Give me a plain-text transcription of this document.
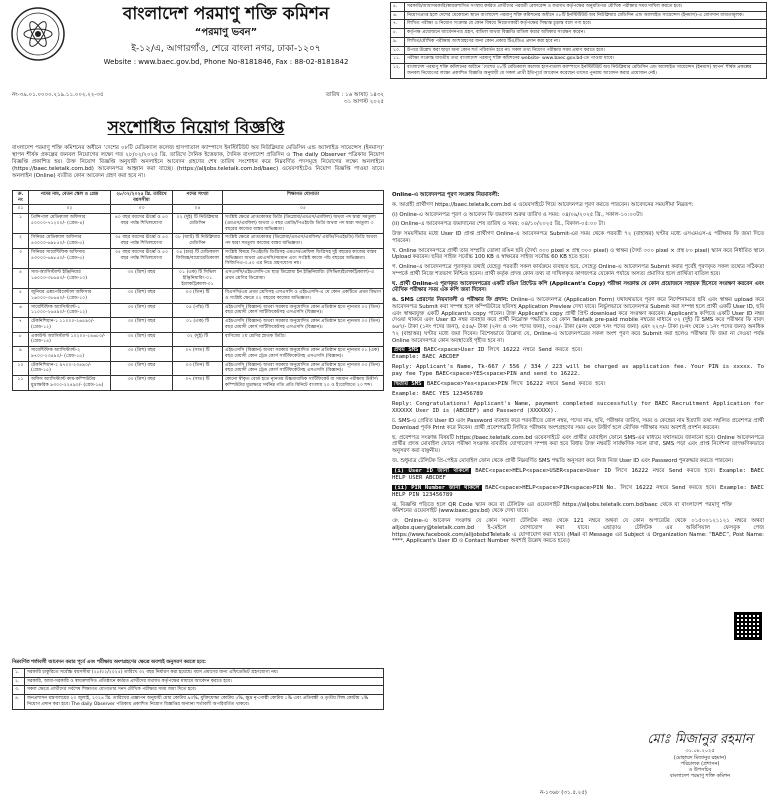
বাংলাদেশ পরমাণু শক্তি কমিশন
“পরমাণু ভবন”
ই-১২/এ, আগারগাঁও, শেরে বাংলা নগর, ঢাকা-১২০৭
Website : www.baec.gov.bd, Phone No-8181846, Fax : 88-02-8181842
নং-৩৯.০১.০০০০.২১৯.১১.০০২.২২-৩৫	তারিখ : ১৬ আষাঢ় ১৪৩২
৩১ আগস্ট ২০২৫
সংশোধিত নিয়োগ বিজ্ঞপ্তি
বাংলাদেশ পরমাণু শক্তি কমিশনের অধীনে ‘দেশের ০৮টি মেডিক্যাল কলেজ হাসপাতাল ক্যাম্পাসে ইনস্টিটিউট অব নিউক্লিয়ার মেডিসিন এন্ড অ্যালাইড সায়েন্সেস (ইনমাস)’ স্থাপন শীর্ষক প্রকল্পের জনবল নিয়োগের লক্ষ্যে গত ২৮/০২/২০২৫ খ্রি. তারিখে দৈনিক ইত্তেফাক, দৈনিক বাংলাদেশ প্রতিদিন ও The daily Observer পত্রিকায় নিয়োগ বিজ্ঞপ্তি প্রকাশিত হয়। উক্ত নিয়োগ বিজ্ঞপ্তি অনুযায়ী অনলাইনে আবেদন গ্রহণের শেষ তারিখ সংশোধন করে নিম্নবর্ণিত পদসমূহে নিয়োগের লক্ষ্যে অনলাইনে (https://baec.teletalk.com.bd) আবেদনপত্র আহ্বান করা যাচ্ছে। (https://alljobs.teletalk.com.bd/baec) ওয়েবসাইটেও নিয়োগ বিজ্ঞপ্তি পাওয়া যাবে। অনলাইন (Online) ব্যতীত কোন আবেদন গ্রহণ করা হবে না।
ক্র. নং	পদের নাম, বেতন স্কেল ও গ্রেড	২৮/০২/২০২৫ খ্রি. তারিখে বয়সসীমা	পদের সংখ্যা	শিক্ষাগত যোগ্যতা
০১	০২	০৩	০৪	০৫
১	প্রিন্সিপাল মেডিক্যাল অফিসার ৫০০০০-৭১২০০/- (গ্রেড-৪)	৪০ বছর বয়সের ঊর্ধ্বে ও ৫০ বছর পর্যন্ত শিথিলযোগ্য	০২ (দুই) টি নিউক্লিয়ার মেডিসিন	সংশ্লিষ্ট ক্ষেত্রে প্রাতকোত্তর ডিগ্রি (ডিপ্লোমা/এমএস/এমফিল) অথবা পদ দ্বারা সমতুল্য (এমএস/এমফিল) অথবা ৩ বছর এমডি/পিএইচডি ডিগ্রি অথবা পদ দ্বারা সমতুল্য ৩ বছরের কাজের বাস্তব অভিজ্ঞতা।
২	সিনিয়র মেডিক্যাল অফিসার ৪৩০০০-৬৯৮৫০/- (গ্রেড-৫)	৩৫ বছর বয়সের ঊর্ধ্বে ও ৫০ বছর পর্যন্ত শিথিলযোগ্য	০৮ (আট) টি নিউক্লিয়ার মেডিসিন	সংশ্লিষ্ট ক্ষেত্রে প্রাতকোত্তর (ডিপ্লোমা/এমএস/এমফিল/ এমডি/পিএইচডি) ডিগ্রি অথবা পদ দ্বারা সমতুল্য কাজের বাস্তব অভিজ্ঞতা।
৩	সিনিয়র সায়েন্টিফিক অফিসার ৪৩০০০-৬৯৮৫০/- (গ্রেড-৫)	৩৫ বছর বয়সের ঊর্ধ্বে ও ৫০ বছর পর্যন্ত শিথিলযোগ্য	০৪ (চার) টি মেডিক্যাল ফিজিক্স/বায়োমেডিক্যাল	সংশ্লিষ্ট বিষয়ে পিএইচডি ডিগ্রিসহ এমএস/এমফিল ডিগ্রিসহ দুই বছরের কাজের বাস্তব অভিজ্ঞতা অথবা এমএসসি/সমমান এবং সংশ্লিষ্ট কাজে পাঁচ বছরের অভিজ্ঞতা। সিজিপিএ-৩.৫০ এর নিচে গ্রহণযোগ্য নয়।
৪	সাব-অ্যাসিস্ট্যান্ট ইঞ্জিনিয়ার ১৬০০০-৩৮৬৪০/- (গ্রেড-১০)	৩০ (ত্রিশ) বছর	০১ (এক) টি সিভিল ইঞ্জিনিয়ারিং-০১ ইলেকট্রিক্যাল-০১	এসএসসি/এইচএসসি-তে ছাড় ডিপ্লোমা ইন ইঞ্জিনিয়ারিং (সিভিল/ইলেকট্রিক্যাল)-এ প্রথম শ্রেণির ডিপ্লোমা।
৫	জুনিয়র এক্সপেরিমেন্টাল অফিসার ১৬০০০-৩৮৬৪০/- (গ্রেড-১০)	৩০ (ত্রিশ) বছর	০৩ (তিন) টি	বিএসসি/এম প্রথম শ্রেণিসহ এসএসসি ও এইচএসসি-এ যে কোন একটিতে প্রথম বিভাগ ও সংশ্লিষ্ট ক্ষেত্রে ০২ বছরের কাজের অভিজ্ঞতা।
৬	সায়েন্টিফিক অ্যাসিস্ট্যান্ট-১ ১১০০০-২৬৫৯০/- (গ্রেড-১২)	৩০ (ত্রিশ) বছর	০৫ (পাঁচ) টি	এইচএসসি (বিজ্ঞান) অথবা সরকার অনুমোদিত কোন প্রতিষ্ঠান হতে ন্যূনতম ০৩ (তিন) বছর মেয়াদী কোর্স সার্টিফিকেটসহ এসএসসি (বিজ্ঞান)।
৭	টেকনিশিয়ান-১ ১১০০০-২৬৫৯০/- (গ্রেড-১২)	৩০ (ত্রিশ) বছর	০১ (এক) টি	এইচএসসি (বিজ্ঞান) অথবা সরকার অনুমোদিত কোন প্রতিষ্ঠান হতে ন্যূনতম ০৩ (তিন) বছর মেয়াদী কোর্স সার্টিফিকেটসহ এসএসসি (বিজ্ঞান)।
৮	একাউন্ট অ্যাসিস্ট্যান্ট ১০২০০-২৪৬৮০/- (গ্রেড-১৪)	৩০ (ত্রিশ) বছর	০২ (দুই) টি	বাণিজ্যে ২য় শ্রেণির স্নাতক ডিগ্রি।
৯	সায়েন্টিফিক অ্যাসিস্ট্যান্ট-২ ৯৭০০-২৩৪৯০/- (গ্রেড-১৫)	৩০ (ত্রিশ) বছর	০৭ (সাত) টি	এইচএসসি (বিজ্ঞান) অথবা সরকার অনুমোদিত কোন প্রতিষ্ঠান হতে ন্যূনতম ০১ (এক) বছর মেয়াদী কোন ট্রেড কোর্স সার্টিফিকেটসহ এসএসসি (বিজ্ঞান)।
১০	টেকনিশিয়ান-২ ৯৭০০-২৩৪৯০/- (গ্রেড-১৫)	৩০ (ত্রিশ) বছর	০৩ (তিন) টি	এইচএসসি (বিজ্ঞান) অথবা সরকার অনুমোদিত কোন প্রতিষ্ঠান হতে ন্যূনতম ০৩ (তিন) বছর মেয়াদী কোন ট্রেড কোর্স সার্টিফিকেটসহ এসএসসি (বিজ্ঞান)।
১১	অফিস অ্যাসিস্ট্যান্ট কাম-কম্পিউটার মুদ্রাক্ষরিক ৯৩০০-২২৪৯০/- (গ্রেড-১৬)	৩০ (ত্রিশ) বছর	০৭ (সাত) টি	কোনো স্বীকৃত বোর্ড হতে ন্যূনতম উচ্চমাধ্যমিক সার্টিফিকেট বা সমমান পরীক্ষায় উত্তীর্ণ। কম্পিউটার মুদ্রাক্ষরে সর্বনিম্ন গতি প্রতি মিনিটে বাংলায় ২০ ও ইংরেজিতে ২০ শব্দ।
নিম্নবর্ণিত শর্তাবলী আবেদন করার পূর্বে এবং পরীক্ষায় অংশগ্রহণের ক্ষেত্রে অবশ্যই অনুসরণ করতে হবে:
১.	সরকারি চাকুরিতে সর্বোচ্চ বয়সসীমা (২৮/০২/২০২৫) তারিখে ৩২ বছর নির্ধারণ করা হয়েছে। বয়স প্রমাণের জন্য এফিডেভিট গ্রহণযোগ্য নয়।
২.	সরকারি, আধা-সরকারি ও স্বায়ত্তশাসিত প্রতিষ্ঠানে কর্মরত প্রার্থীদের যথাযথ কর্তৃপক্ষের মাধ্যমে আবেদন করতে হবে।
৩.	সকল ক্ষেত্রে প্রার্থীদের সর্বশেষ শিক্ষাগত যোগ্যতার সনদ মৌখিক পরীক্ষার সময় জমা দিতে হবে।
৪.	জনপ্রশাসন মন্ত্রণালয়ের ২০ জুলাই, ২০২৪ খ্রি. তারিখের প্রজ্ঞাপন অনুযায়ী মেধা কোটায় ৯৩%, মুক্তিযোদ্ধা কোটায় ৫%, ক্ষুদ্র নৃ-গোষ্ঠী কোটায় ১% এবং প্রতিবন্ধী ও তৃতীয় লিঙ্গ কোটায় ১% নিয়োগ প্রদান করা হবে। The daily Observer পত্রিকায় প্রকাশিত নিয়োগ বিজ্ঞপ্তির অন্যান্য শর্তাবলী অপরিবর্তিত থাকবে।
৫.	সরকারি/আধাসরকারি/স্বায়ত্তশাসিত সংস্থায় কর্মরত প্রার্থীদের পরবর্তী রেফারেন্স ও যথাযথ কর্তৃপক্ষের অনুমতিপত্র মৌখিক পরীক্ষার সময় দাখিল করতে হবে।
৬.	নিয়োগপ্রাপ্ত হলে দেশের যেকোনো স্থানে বাংলাদেশ পরমাণু শক্তি কমিশনের অধীনে ০৮টি ইনস্টিটিউট অব নিউক্লিয়ার মেডিসিন এন্ড অ্যালাইড সায়েন্সেস (ইনমাস)-এ যোগদান বাধ্যতামূলক।
৭.	লিখিত পরীক্ষা ও নিয়োগ সংক্রান্ত যে কোন বিষয়ে নিয়োগকারী কর্তৃপক্ষের সিদ্ধান্ত চূড়ান্ত বলে গণ্য হবে।
৮.	কর্তৃপক্ষ প্রয়োজনে আবেদনপত্র গ্রহণ, বাতিল অথবা বিজ্ঞপ্তি বাতিল করার অধিকার সংরক্ষণ করেন।
৯.	লিখিত/মৌখিক পরীক্ষায় অংশগ্রহণের জন্য কোন প্রকার টিএ/ডিএ প্রদান করা হবে না।
১০.	উপরে উল্লেখ করা ছাড়া অন্য কোন শর্ত পরিবর্তন হবে না। সকল তথ্য নিয়োগ পরীক্ষার সময় প্রমাণ করতে হবে।
১১.	পরীক্ষা সংক্রান্ত যাবতীয় তথ্য বাংলাদেশ পরমাণু শক্তি কমিশনের website- www.baec.gov.bd-তে পাওয়া যাবে।
১২.	বাংলাদেশ পরমাণু শক্তি কমিশনের অধীনে ‘দেশের ০৮টি মেডিক্যাল কলেজ হাসপাতাল ক্যাম্পাসে ইনস্টিটিউট অব নিউক্লিয়ার মেডিসিন এন্ড অ্যালাইড সায়েন্সেস (ইনমাস) স্থাপন’ শীর্ষক প্রকল্পের জনবল নিয়োগের লক্ষ্যে প্রকাশিত বিজ্ঞপ্তি অনুযায়ী যে সকল প্রার্থী ইতিপূর্বে আবেদন করেছেন তাদের পুনরায় আবেদন করার প্রয়োজন নেই।

Online-এ আবেদনপত্র পূরণ সংক্রান্ত নিয়মাবলী:

ক. আগ্রহী প্রার্থীগণ https://baec.teletalk.com.bd এ ওয়েবসাইটে গিয়ে আবেদনপত্র পূরণ করতে পারবেন। আবেদনের সময়সীমা নিম্নরূপ:

(i) Online-এ আবেদনপত্র পূরণ ও আবেদন ফি জমাদান শুরুর তারিখ ও সময়: ০৪/০৯/২০২৫ খ্রি., সকাল-১০:০০টা।

(ii) Online-এ আবেদনপত্র জমাদানের শেষ তারিখ ও সময়: ০৪/১০/২০২৫ খ্রি., বিকাল-০৫:০০ টা।

উক্ত সময়সীমার মধ্যে User ID প্রাপ্ত প্রার্থীগণ Online-এ আবেদনপত্র Submit-এর সময় থেকে পরবর্তী ৭২ (বাহাত্তর) ঘণ্টার মধ্যে এসএমএস-এ পরীক্ষার ফি জমা দিতে পারবেন।

খ. Online আবেদনপত্রে প্রার্থী তার সম্প্রতি তোলা রঙিন ছবি (দৈর্ঘ্য ৩০০ pixel × প্রস্থ ৩০০ pixel) ও স্বাক্ষর (দৈর্ঘ্য ৩০০ pixel × প্রস্থ ৮০ pixel) স্ক্যান করে নির্ধারিত স্থানে Upload করবেন। ছবির সাইজ সর্বোচ্চ 100 KB ও স্বাক্ষরের সাইজ সর্বোচ্চ 60 KB হতে হবে।

গ. Online-এ আবেদনপত্রে পূরণকৃত তথ্যই যেহেতু পরবর্তী সকল কার্যক্রমে ব্যবহৃত হবে, সেহেতু Online-এ আবেদনপত্র Submit করার পূর্বেই পূরণকৃত সকল তথ্যের সঠিকতা সম্পর্কে প্রার্থী নিজে শতভাগ নিশ্চিত হবেন। প্রার্থী কর্তৃক প্রদত্ত কোন তথ্য বা দাখিলকৃত কাগজপত্র যেকোন পর্যায়ে অসত্য প্রমাণিত হলে প্রার্থিতা বাতিল হবে।

ঘ. প্রার্থী Online-এ পূরণকৃত আবেদনপত্রের একটি রঙিন প্রিন্টেড কপি (Applicant's Copy) পরীক্ষা সংক্রান্ত যে কোন প্রয়োজনে সহায়ক হিসেবে সংরক্ষণ করবেন এবং মৌখিক পরীক্ষার সময় এক কপি জমা দিবেন।

ঙ. SMS প্রেরণের নিয়মাবলী ও পরীক্ষার ফি প্রদান: Online-এ আবেদনপত্র (Application Form) যথাযথভাবে পূরণ করে নির্দেশনামতে ছবি এবং স্বাক্ষর upload করে আবেদনপত্র Submit করা সম্পন্ন হলে কম্পিউটারে ছবিসহ Application Preview দেখা যাবে। নির্ভুলভাবে আবেদনপত্র Submit করা সম্পন্ন হলে প্রার্থী একটি User ID, ছবি এবং স্বাক্ষরযুক্ত একটি Applicant's copy পাবেন। উক্ত Applicant's copy প্রার্থী প্রিন্ট download করে সংরক্ষণ করবেন। Applicant's কপিতে একটি User ID নম্বর দেওয়া থাকবে এবং User ID নম্বর ব্যবহার করে প্রার্থী নিম্নোক্ত পদ্ধতিতে যে কোন Teletalk pre-paid mobile নম্বরের মাধ্যমে ০২ (দুই) টি SMS করে পরীক্ষার ফি বাবদ ৬৬৭/- টাকা (১নং পদের জন্য), ৫৫৬/- টাকা (২নং ও ৩নং পদের জন্য), ৩৩৪/- টাকা (৪নং থেকে ৭নং পদের জন্য) এবং ২২৩/- টাকা (৮নং থেকে ১১নং পদের জন্য) অনধিক ৭২ (বাহাত্তর) ঘণ্টার মধ্যে জমা দিবেন। বিশেষভাবে উল্লেখ্য যে, Online-এ আবেদনপত্রের সকল অংশ পূরণ করে Submit করা হলেও পরীক্ষার ফি জমা না দেওয়া পর্যন্ত Online আবেদনপত্র কোন অবস্থাতেই গৃহীত হবে না।

প্রথম SMS BAEC<space>User ID লিখে 16222 নম্বরে Send করতে হবে।
Example: BAEC ABCDEF

Reply: Applicant's Name, Tk-667 / 556 / 334 / 223 will be charged as application fee. Your PIN is xxxxx. To pay fee Type BAEC<space>YES<space>PIN and send to 16222.

দ্বিতীয় SMS BAEC<space>Yes<space>PIN লিখে 16222 নম্বরে Send করতে হবে।

Example: BAEC YES 123456789

Reply: Congratulations! Applicant's Name, payment completed successfully for BAEC Recruitment Application for XXXXXX User ID is (ABCDEF) and Password (XXXXXX).

চ. SMS-এ প্রেরিত User ID এবং Password ব্যবহার করে পরবর্তীতে রোল নম্বর, পদের নাম, ছবি, পরীক্ষার তারিখ, সময় ও কেন্দ্রের নাম ইত্যাদি তথ্য সম্বলিত প্রবেশপত্র প্রার্থী Download পূর্বক Print করে নিবেন। প্রার্থী প্রবেশপত্রটি লিখিত পরীক্ষায় অংশগ্রহণের সময় এবং উত্তীর্ণ হলে মৌখিক পরীক্ষার সময় অবশ্যই প্রদর্শন করবেন।

ছ. প্রবেশপত্র সংক্রান্ত বিষয়টি https://baec.teletalk.com.bd ওয়েবসাইটে এবং প্রার্থীর মোবাইল ফোনে SMS-এর মাধ্যমে যথাসময়ে জানানো হবে। Online আবেদনপত্রে প্রার্থীর প্রদত্ত মোবাইল ফোনে পরীক্ষা সংক্রান্ত যাবতীয় যোগাযোগ সম্পন্ন করা হবে বিধায় উক্ত নম্বরটি সার্বক্ষণিক সচল রাখা, SMS পড়া এবং প্রাপ্ত নির্দেশনা তাৎক্ষণিকভাবে অনুসরণ করা বাঞ্ছনীয়।

জ. শুধুমাত্র টেলিটক প্রি-পেইড মোবাইল ফোন থেকে প্রার্থী নিম্নবর্ণিত SMS পদ্ধতি অনুসরণ করে নিজ নিজ User ID এবং Password পুনরুদ্ধার করতে পারবেন।

(i) User ID জানা থাকলে BAEC<space>HELP<space>USER<space>User ID লিখে 16222 নম্বরে Send করতে হবে। Example: BAEC HELP USER ABCDEF

(ii) PIN Number জানা থাকলে BAEC<space>HELP<space>PIN<space>PIN No. লিখে 16222 নম্বরে Send করতে হবে। Example: BAEC HELP PIN 123456789

ঝ. বিজ্ঞপ্তি পড়িতে হলে QR Code স্ক্যান করে বা টেলিটক এর ওয়েবসাইট https://alljobs.teletalk.com.bd/baec থেকে বা বাংলাদেশ পরমাণু শক্তি কমিশনের ওয়েবসাইট (www.baec.gov.bd) থেকে দেখা যাবে।

ঞ. Online-এ আবেদন সংক্রান্ত যে কোন সমস্যা টেলিটক নম্বর থেকে 121 নম্বরে অথবা যে কোন অপারেটর থেকে ০১৫০০১২১১২১ নম্বরে অথবা alljobs.query@teletalk.com.bd ই-মেইলে যোগাযোগ করা যাবে। এছাড়াও টেলিটক এর অফিসিয়াল ফেসবুক পেজ https://www.facebook.com/alljobsbdTeletalk এ যোগাযোগ করা যাবে। (Mail বা Message এর Subject এ Organization Name: “BAEC”, Post Name: ****, Applicant's User ID ও Contact Number অবশ্যই উল্লেখ করতে হবে।)

মোঃ মিজানুর রহমান
৩১.০৮.২০২৫
(মোহাম্মদ মিজানুর রহমান)
পরিচালক (প্রশাসন)
ও উপসচিব
বাংলাদেশ পরমাণু শক্তি কমিশন
ন-১৩৬৮ (৩১.৫.২৫)
